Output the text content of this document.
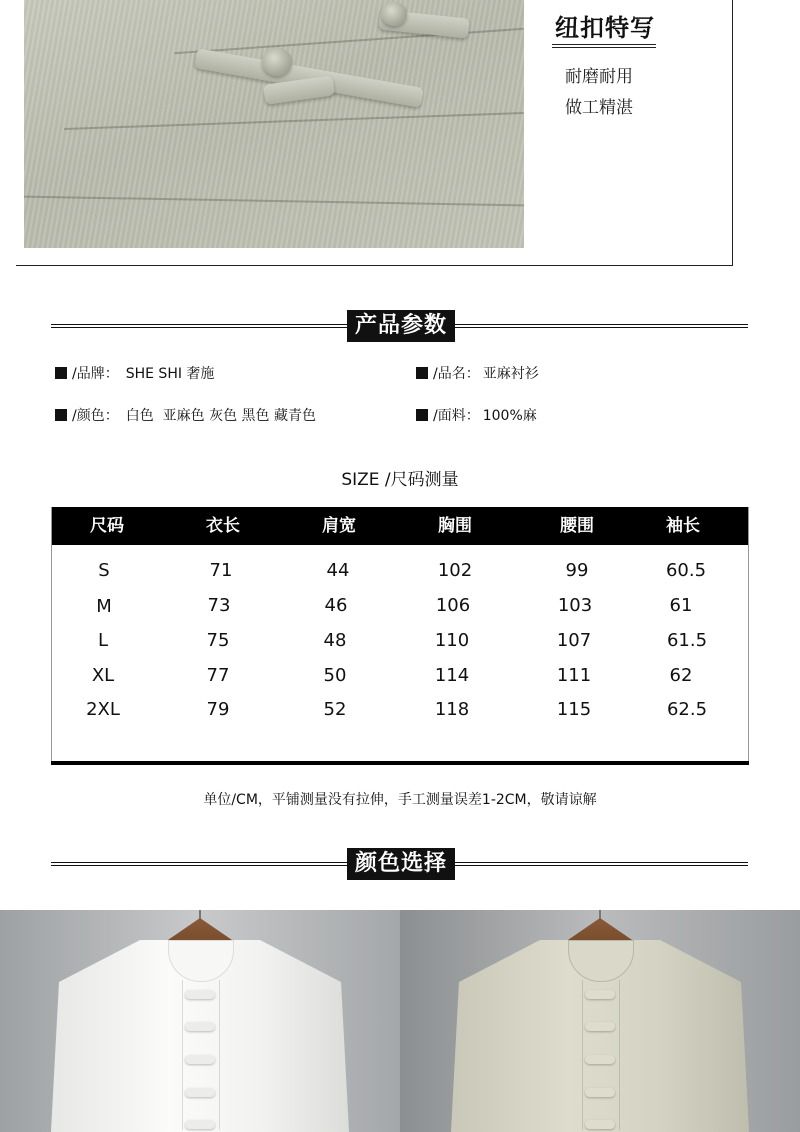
纽扣特写
耐磨耐用
做工精湛
产品参数
/品牌： SHE SHI 奢施	/品名： 亚麻衬衫
/颜色： 白色  亚麻色 灰色 黑色 藏青色	/面料： 100%麻
SIZE /尺码测量
尺码	衣长	肩宽	胸围	腰围	袖长
S	71	44	102	99	60.5
M	73	46	106	103	61
L	75	48	110	107	61.5
XL	77	50	114	111	62
2XL	79	52	118	115	62.5
单位/CM，平铺测量没有拉伸，手工测量误差1-2CM，敬请谅解
颜色选择
